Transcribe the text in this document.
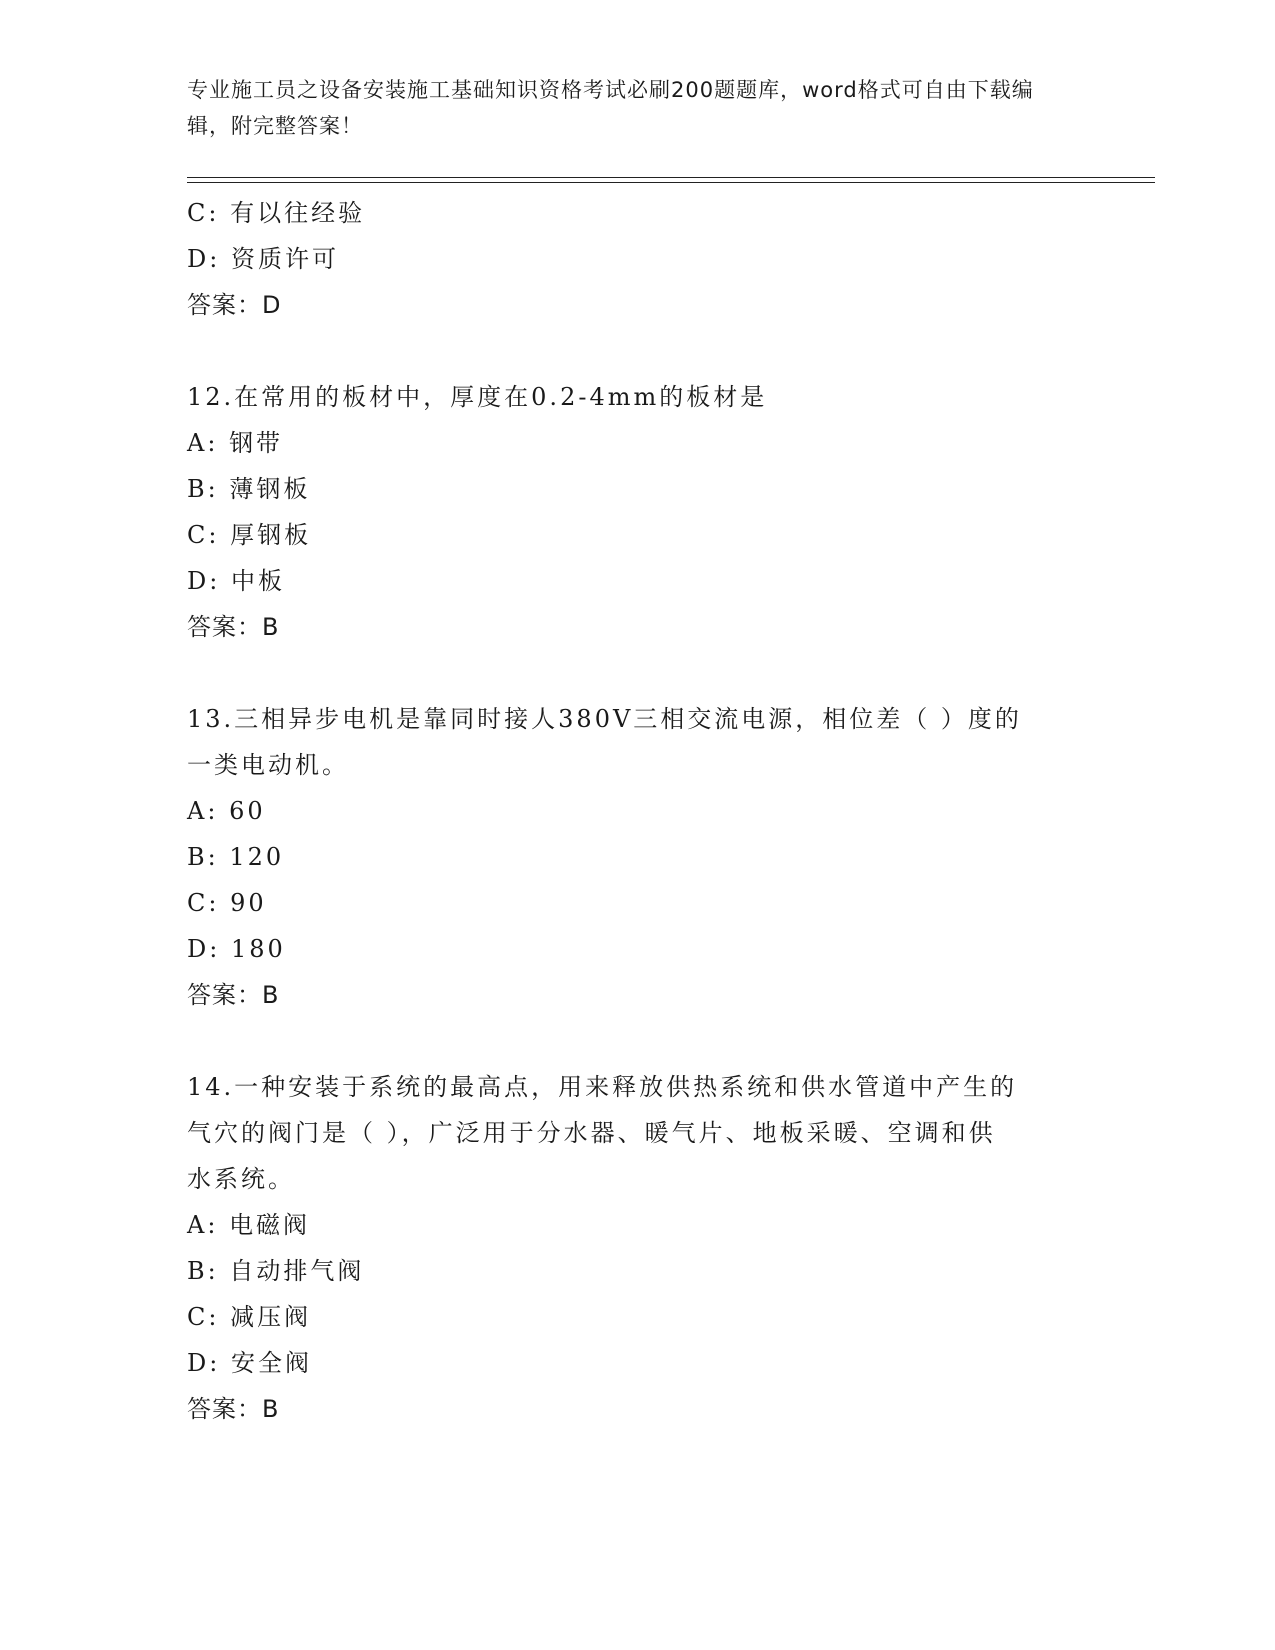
专业施工员之设备安装施工基础知识资格考试必刷200题题库，word格式可自由下载编辑，附完整答案！
C: 有以往经验
D: 资质许可
答案：D
12.在常用的板材中，厚度在0.2-4mm的板材是
A: 钢带
B: 薄钢板
C: 厚钢板
D: 中板
答案：B
13.三相异步电机是靠同时接人380V三相交流电源，相位差（ ）度的
一类电动机。
A: 60
B: 120
C: 90
D: 180
答案：B
14.一种安装于系统的最高点，用来释放供热系统和供水管道中产生的
气穴的阀门是（ ），广泛用于分水器、暖气片、地板采暖、空调和供
水系统。
A: 电磁阀
B: 自动排气阀
C: 减压阀
D: 安全阀
答案：B
